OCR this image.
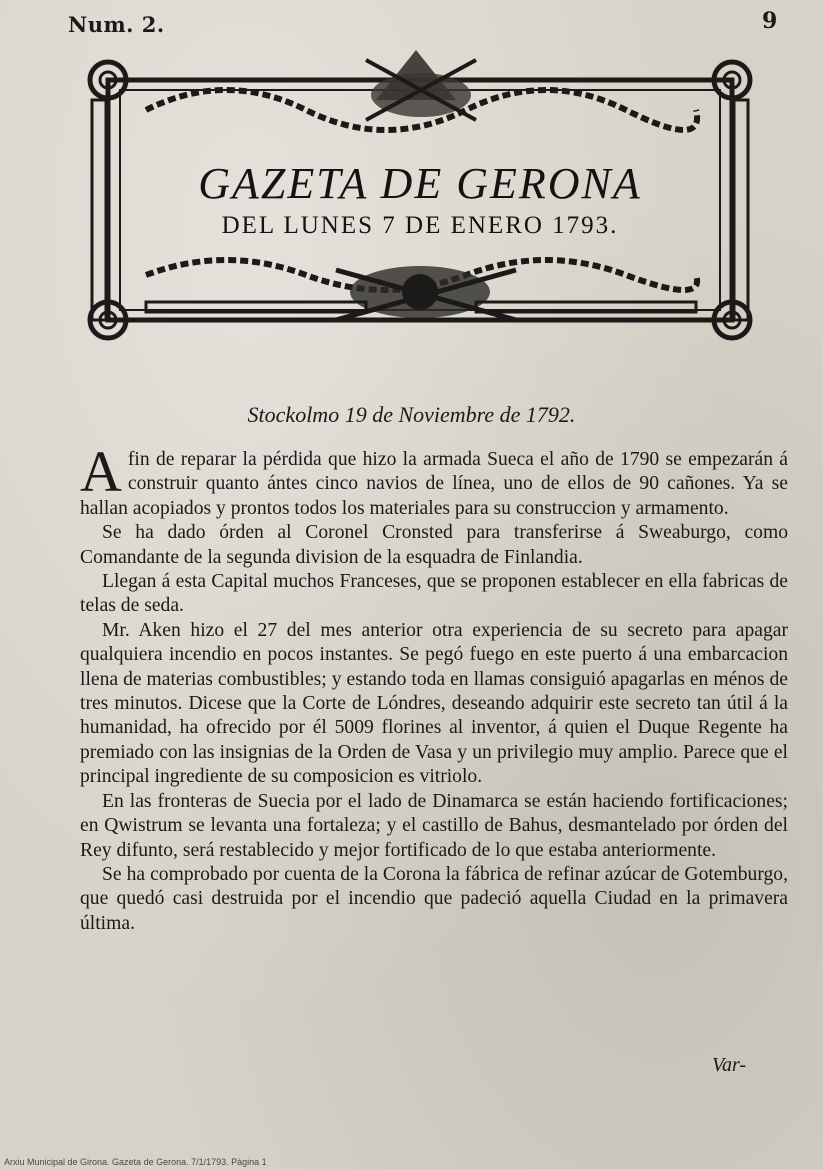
Num. 2.	9
GAZETA DE GERONA
DEL LUNES 7 DE ENERO 1793.
Stockolmo 19 de Noviembre de 1792.

Afin de reparar la pérdida que hizo la armada Sueca el año de 1790 se empezarán á construir quanto ántes cinco navios de línea, uno de ellos de 90 cañones. Ya se hallan acopiados y prontos todos los materiales para su construccion y armamento.

Se ha dado órden al Coronel Cronsted para transferirse á Sweaburgo, como Comandante de la segunda division de la esquadra de Finlandia.

Llegan á esta Capital muchos Franceses, que se proponen establecer en ella fabricas de telas de seda.

Mr. Aken hizo el 27 del mes anterior otra experiencia de su secreto para apagar qualquiera incendio en pocos instantes. Se pegó fuego en este puerto á una embarcacion llena de materias combustibles; y estando toda en llamas consiguió apagarlas en ménos de tres minutos. Dicese que la Corte de Lóndres, deseando adquirir este secreto tan útil á la humanidad, ha ofrecido por él 5009 florines al inventor, á quien el Duque Regente ha premiado con las insignias de la Orden de Vasa y un privilegio muy amplio. Parece que el principal ingrediente de su composicion es vitriolo.

En las fronteras de Suecia por el lado de Dinamarca se están haciendo fortificaciones; en Qwistrum se levanta una fortaleza; y el castillo de Bahus, desmantelado por órden del Rey difunto, será restablecido y mejor fortificado de lo que estaba anteriormente.

Se ha comprobado por cuenta de la Corona la fábrica de refinar azúcar de Gotemburgo, que quedó casi destruida por el incendio que padeció aquella Ciudad en la primavera última.

Var-
Arxiu Municipal de Girona. Gazeta de Gerona. 7/1/1793. Pàgina 1
